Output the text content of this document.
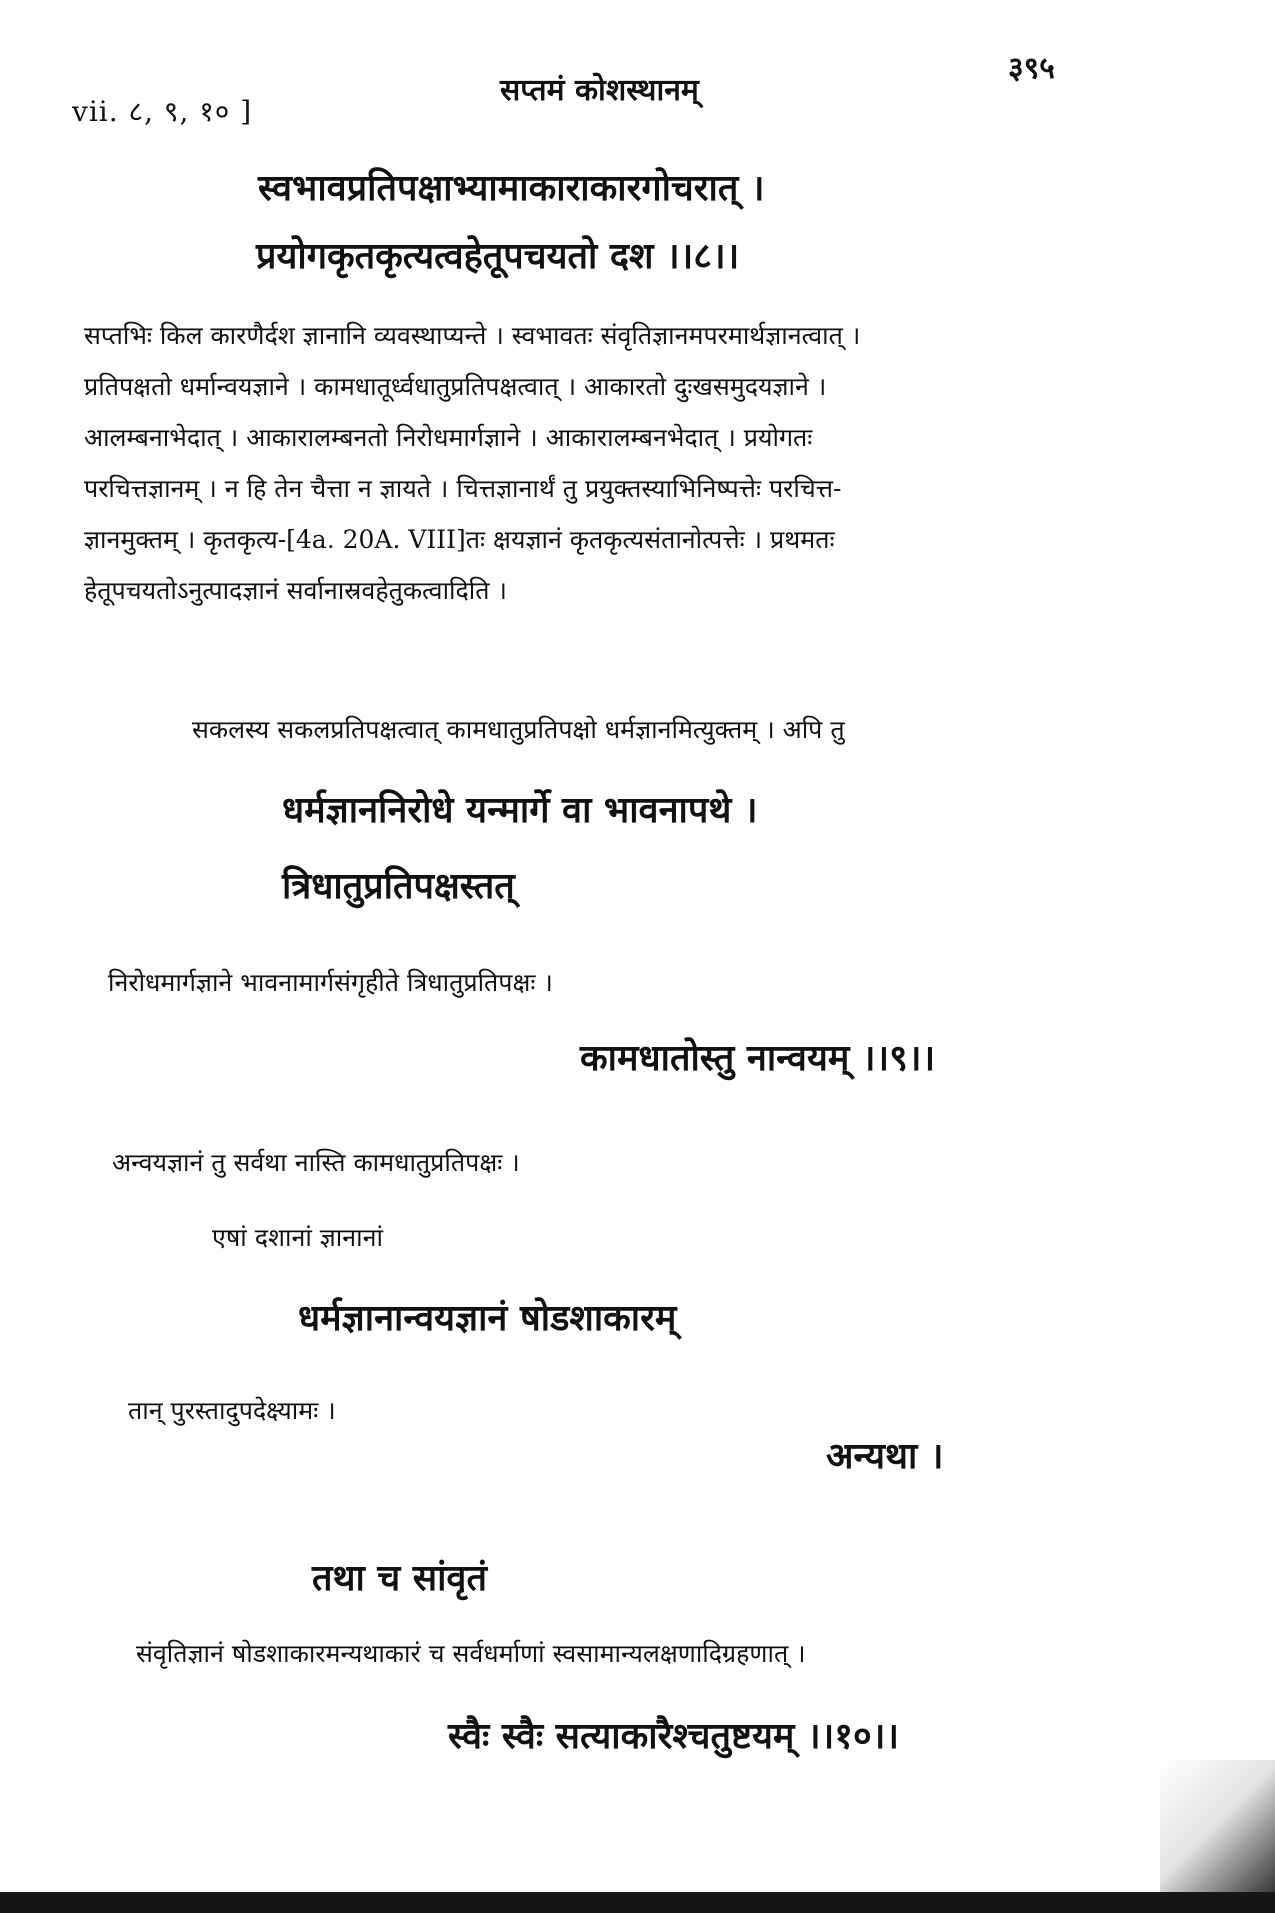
vii. ८, ९, १० ]
सप्तमं कोशस्थानम्
३९५
स्वभावप्रतिपक्षाभ्यामाकाराकारगोचरात् ।
प्रयोगकृतकृत्यत्वहेतूपचयतो दश ।।८।।
सप्तभिः किल कारणैर्दश ज्ञानानि व्यवस्थाप्यन्ते । स्वभावतः संवृतिज्ञानमपरमार्थज्ञानत्वात् ।
प्रतिपक्षतो धर्मान्वयज्ञाने । कामधातूर्ध्वधातुप्रतिपक्षत्वात् । आकारतो दुःखसमुदयज्ञाने ।
आलम्बनाभेदात् । आकारालम्बनतो निरोधमार्गज्ञाने । आकारालम्बनभेदात् । प्रयोगतः
परचित्तज्ञानम् । न हि तेन चैत्ता न ज्ञायते । चित्तज्ञानार्थं तु प्रयुक्तस्याभिनिष्पत्तेः परचित्त-
ज्ञानमुक्तम् । कृतकृत्य-[4a. 20A. VIII]तः क्षयज्ञानं कृतकृत्यसंतानोत्पत्तेः । प्रथमतः
हेतूपचयतोऽनुत्पादज्ञानं सर्वानास्रवहेतुकत्वादिति ।
सकलस्य सकलप्रतिपक्षत्वात् कामधातुप्रतिपक्षो धर्मज्ञानमित्युक्तम् । अपि तु
धर्मज्ञाननिरोधे यन्मार्गे वा भावनापथे ।
त्रिधातुप्रतिपक्षस्तत्
निरोधमार्गज्ञाने भावनामार्गसंगृहीते त्रिधातुप्रतिपक्षः ।
कामधातोस्तु नान्वयम् ।।९।।
अन्वयज्ञानं तु सर्वथा नास्ति कामधातुप्रतिपक्षः ।
एषां दशानां ज्ञानानां
धर्मज्ञानान्वयज्ञानं षोडशाकारम्
तान् पुरस्तादुपदेक्ष्यामः ।
अन्यथा ।
तथा च सांवृतं
संवृतिज्ञानं षोडशाकारमन्यथाकारं च सर्वधर्माणां स्वसामान्यलक्षणादिग्रहणात् ।
स्वैः स्वैः सत्याकारैश्चतुष्टयम् ।।१०।।
